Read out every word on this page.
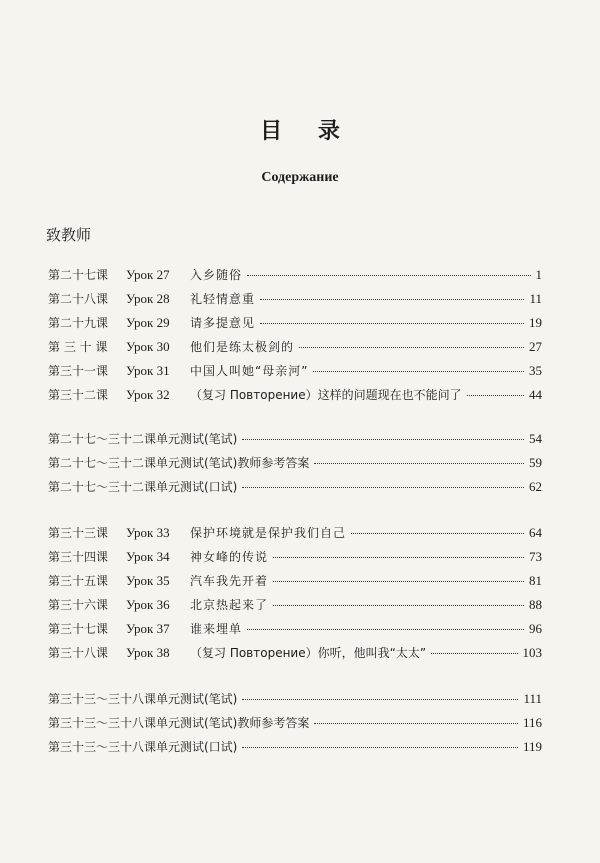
目 录
Содержание
致教师
第二十七课	Урок 27	入乡随俗	1
第二十八课	Урок 28	礼轻情意重	11
第二十九课	Урок 29	请多提意见	19
第 三 十 课	Урок 30	他们是练太极剑的	27
第三十一课	Урок 31	中国人叫她“母亲河”	35
第三十二课	Урок 32	（复习 Повторение）这样的问题现在也不能问了	44
第二十七～三十二课单元测试(笔试)	54
第二十七～三十二课单元测试(笔试)教师参考答案	59
第二十七～三十二课单元测试(口试)	62
第三十三课	Урок 33	保护环境就是保护我们自己	64
第三十四课	Урок 34	神女峰的传说	73
第三十五课	Урок 35	汽车我先开着	81
第三十六课	Урок 36	北京热起来了	88
第三十七课	Урок 37	谁来埋单	96
第三十八课	Урок 38	（复习 Повторение）你听，他叫我“太太”	103
第三十三～三十八课单元测试(笔试)	111
第三十三～三十八课单元测试(笔试)教师参考答案	116
第三十三～三十八课单元测试(口试)	119
